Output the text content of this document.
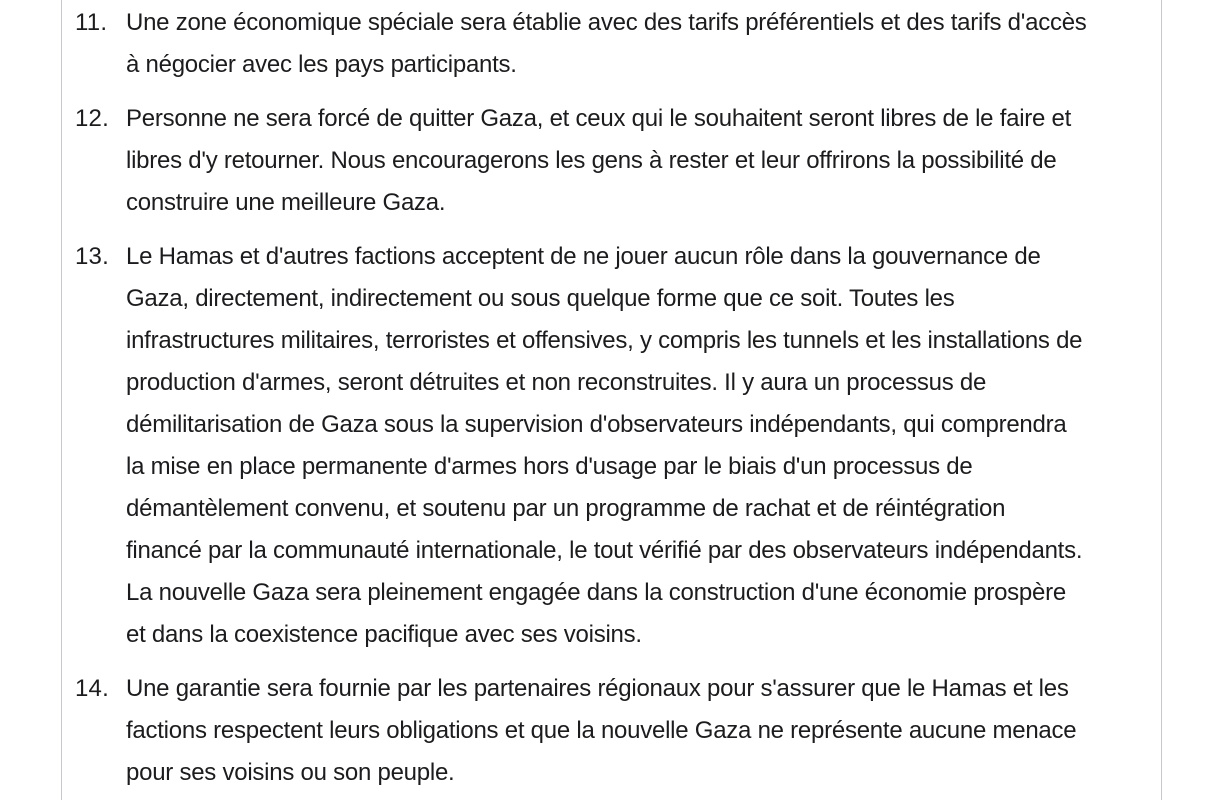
11. Une zone économique spéciale sera établie avec des tarifs préférentiels et des tarifs d'accès
à négocier avec les pays participants.
12. Personne ne sera forcé de quitter Gaza, et ceux qui le souhaitent seront libres de le faire et
libres d'y retourner. Nous encouragerons les gens à rester et leur offrirons la possibilité de
construire une meilleure Gaza.
13. Le Hamas et d'autres factions acceptent de ne jouer aucun rôle dans la gouvernance de
Gaza, directement, indirectement ou sous quelque forme que ce soit. Toutes les
infrastructures militaires, terroristes et offensives, y compris les tunnels et les installations de
production d'armes, seront détruites et non reconstruites. Il y aura un processus de
démilitarisation de Gaza sous la supervision d'observateurs indépendants, qui comprendra
la mise en place permanente d'armes hors d'usage par le biais d'un processus de
démantèlement convenu, et soutenu par un programme de rachat et de réintégration
financé par la communauté internationale, le tout vérifié par des observateurs indépendants.
La nouvelle Gaza sera pleinement engagée dans la construction d'une économie prospère
et dans la coexistence pacifique avec ses voisins.
14. Une garantie sera fournie par les partenaires régionaux pour s'assurer que le Hamas et les
factions respectent leurs obligations et que la nouvelle Gaza ne représente aucune menace
pour ses voisins ou son peuple.
